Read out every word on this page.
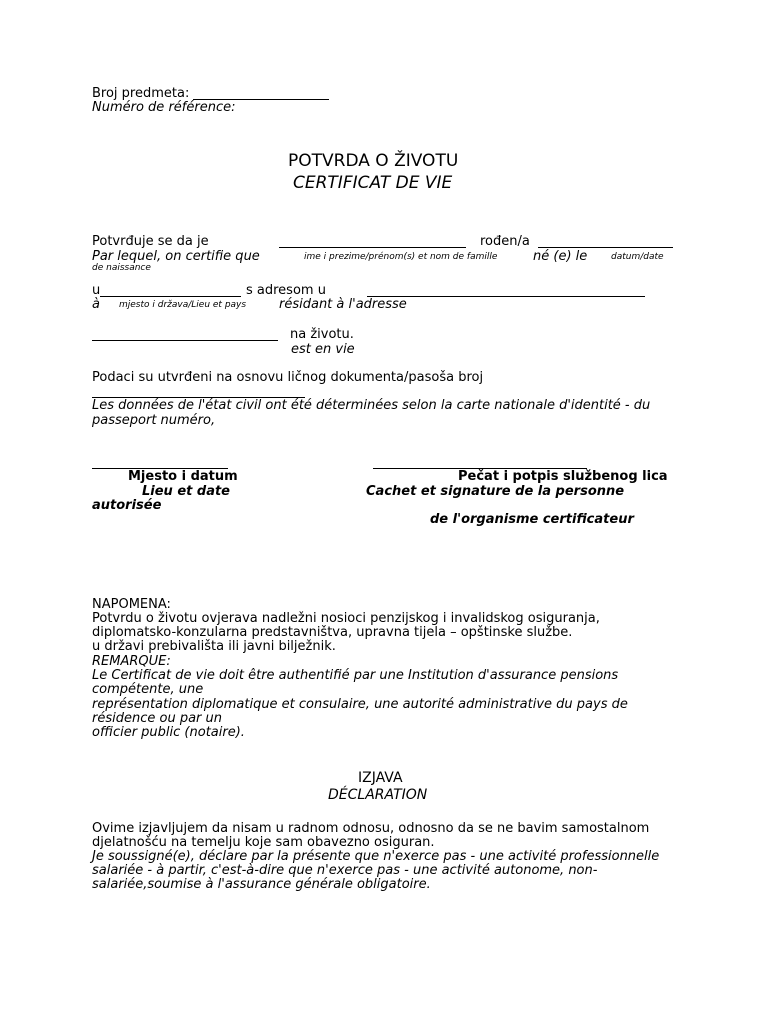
Broj predmeta:
Numéro de référence:
POTVRDA O ŽIVOTU
CERTIFICAT DE VIE
Potvrđuje se da je	rođen/a
Par lequel, on certifie que	ime i prezime/prénom(s) et nom de famille	né (e) le	datum/date
de naissance
u	s adresom u
à mjesto i država/Lieu et pays	résidant à l'adresse
na životu.
est en vie
Podaci su utvrđeni na osnovu ličnog dokumenta/pasoša broj
Les données de l'état civil ont été déterminées selon la carte nationale d'identité - du
passeport numéro,
Mjesto i datum	Pečat i potpis službenog lica
Lieu et date	Cachet et signature de la personne
autorisée
de l'organisme certificateur
NAPOMENA:
Potvrdu o životu ovjerava nadležni nosioci penzijskog i invalidskog osiguranja,
diplomatsko-konzularna predstavništva, upravna tijela – opštinske službe.
u državi prebivališta ili javni bilježnik.
REMARQUE:
Le Certificat de vie doit être authentifié par une Institution d'assurance pensions
compétente, une
représentation diplomatique et consulaire, une autorité administrative du pays de
résidence ou par un
officier public (notaire).
IZJAVA
DÉCLARATION
Ovime izjavljujem da nisam u radnom odnosu, odnosno da se ne bavim samostalnom
djelatnošću na temelju koje sam obavezno osiguran.
Je soussigné(e), déclare par la présente que n'exerce pas - une activité professionnelle
salariée - à partir, c'est-à-dire que n'exerce pas - une activité autonome, non-
salariée,soumise à l'assurance générale obligatoire.
